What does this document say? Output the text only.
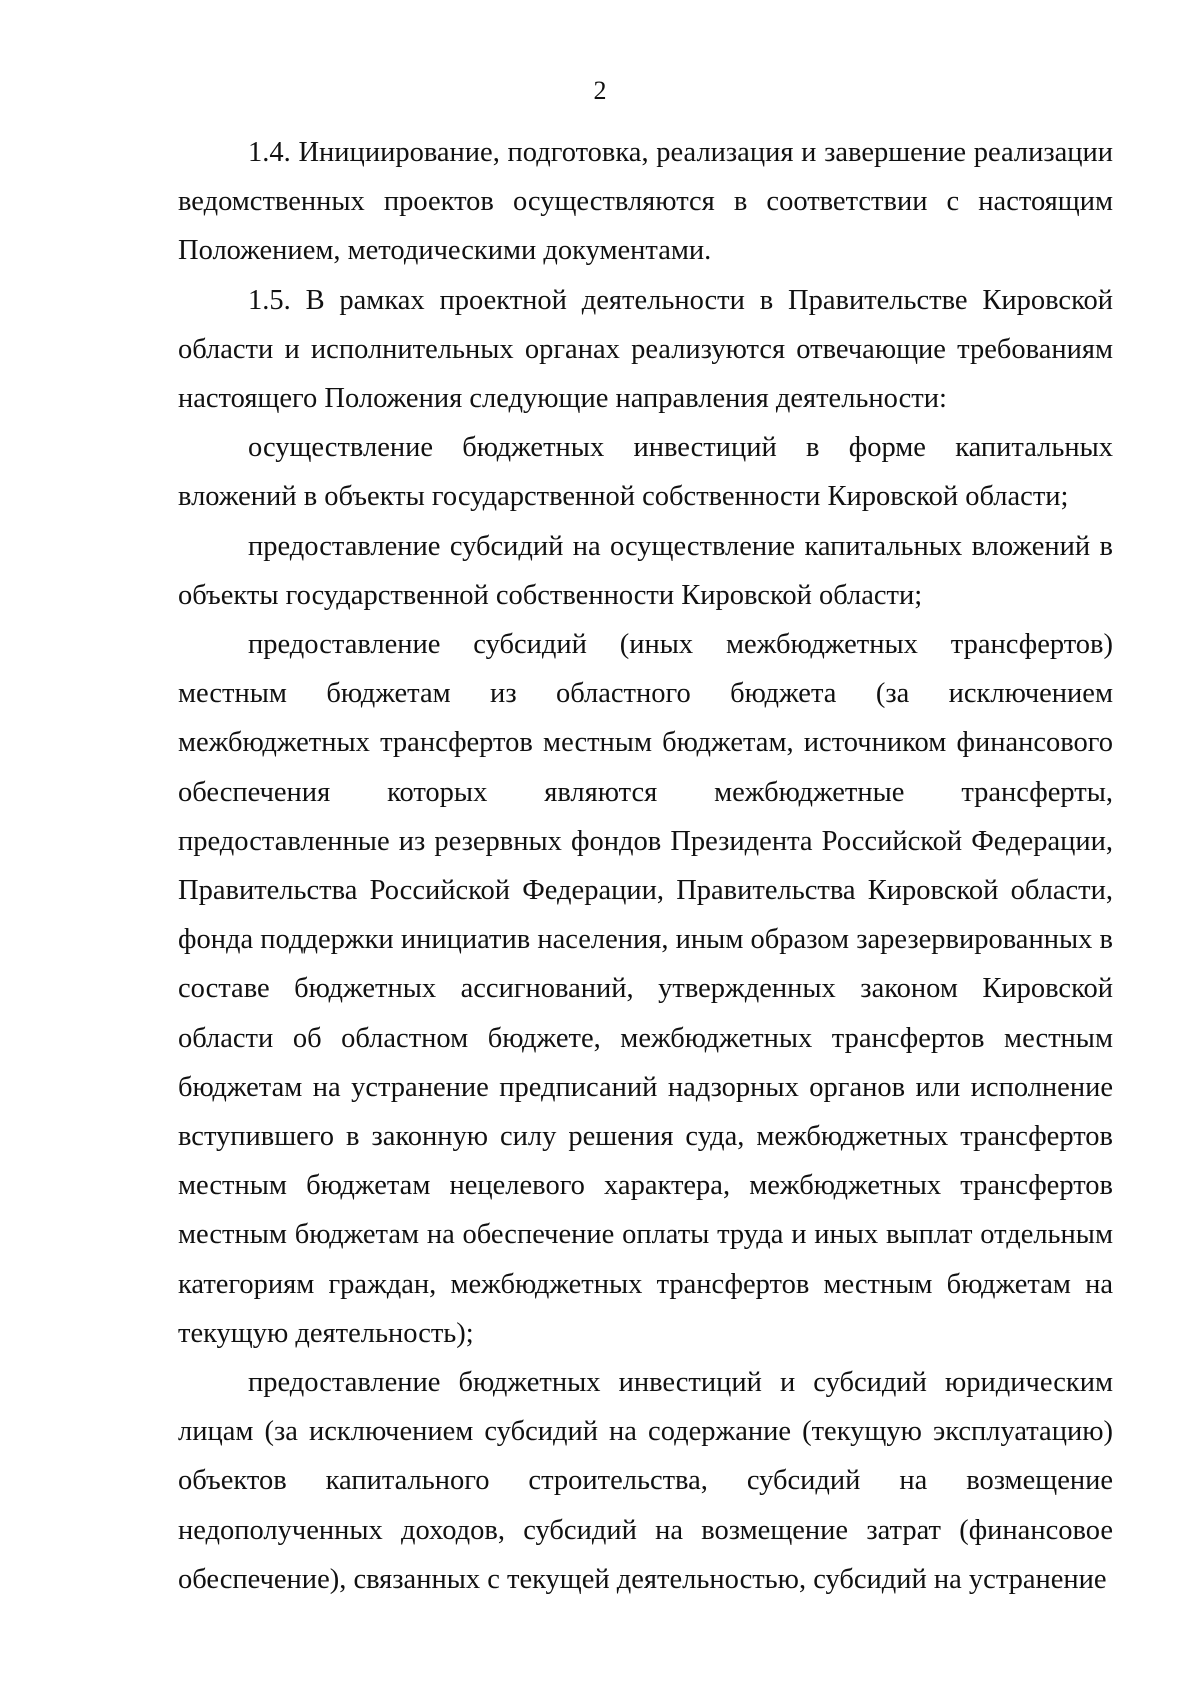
2

1.4. Инициирование, подготовка, реализация и завершение реализации ведомственных проектов осуществляются в соответствии с настоящим Положением, методическими документами.

1.5. В рамках проектной деятельности в Правительстве Кировской области и исполнительных органах реализуются отвечающие требованиям настоящего Положения следующие направления деятельности:

осуществление бюджетных инвестиций в форме капитальных вложений в объекты государственной собственности Кировской области;

предоставление субсидий на осуществление капитальных вложений в объекты государственной собственности Кировской области;

предоставление субсидий (иных межбюджетных трансфертов) местным бюджетам из областного бюджета (за исключением межбюджетных трансфертов местным бюджетам, источником финансового обеспечения которых являются межбюджетные трансферты, предоставленные из резервных фондов Президента Российской Федерации, Правительства Российской Федерации, Правительства Кировской области, фонда поддержки инициатив населения, иным образом зарезервированных в составе бюджетных ассигнований, утвержденных законом Кировской области об областном бюджете, межбюджетных трансфертов местным бюджетам на устранение предписаний надзорных органов или исполнение вступившего в законную силу решения суда, межбюджетных трансфертов местным бюджетам нецелевого характера, межбюджетных трансфертов местным бюджетам на обеспечение оплаты труда и иных выплат отдельным категориям граждан, межбюджетных трансфертов местным бюджетам на текущую деятельность);

предоставление бюджетных инвестиций и субсидий юридическим лицам (за исключением субсидий на содержание (текущую эксплуатацию) объектов капитального строительства, субсидий на возмещение недополученных доходов, субсидий на возмещение затрат (финансовое обеспечение), связанных с текущей деятельностью, субсидий на устранение
